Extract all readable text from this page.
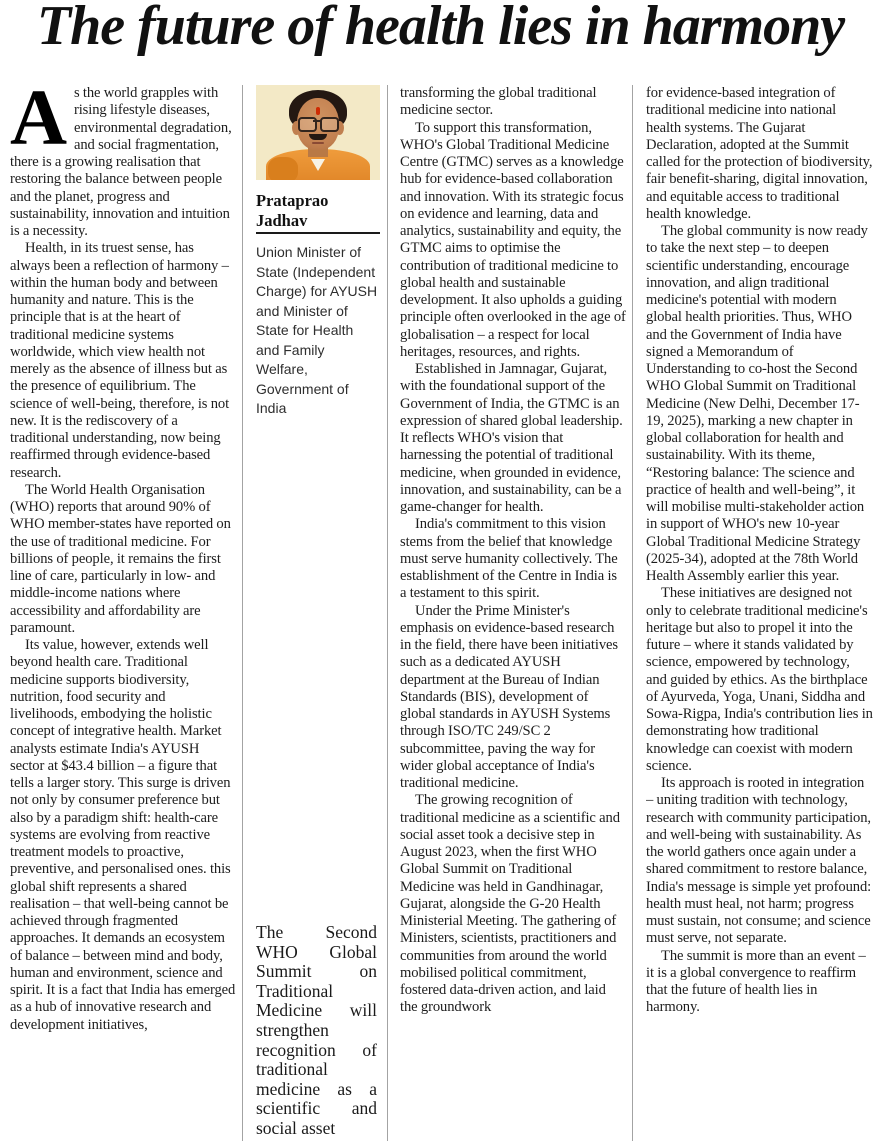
The future of health lies in harmony

As the world grapples with rising lifestyle diseases, environmental degradation, and social fragmentation, there is a growing realisation that restoring the balance between people and the planet, progress and sustainability, innovation and intuition is a necessity.

Health, in its truest sense, has always been a reflection of harmony – within the human body and between humanity and nature. This is the principle that is at the heart of traditional medicine systems worldwide, which view health not merely as the absence of illness but as the presence of equilibrium. The science of well-being, therefore, is not new. It is the rediscovery of a traditional understanding, now being reaffirmed through evidence-based research.

The World Health Organisation (WHO) reports that around 90% of WHO member-states have reported on the use of traditional medicine. For billions of people, it remains the first line of care, particularly in low- and middle-income nations where accessibility and affordability are paramount.

Its value, however, extends well beyond health care. Traditional medicine supports biodiversity, nutrition, food security and livelihoods, embodying the holistic concept of integrative health. Market analysts estimate India's AYUSH sector at $43.4 billion – a figure that tells a larger story. This surge is driven not only by consumer preference but also by a paradigm shift: health-care systems are evolving from reactive treatment models to proactive, preventive, and personalised ones. this global shift represents a shared realisation – that well-being cannot be achieved through fragmented approaches. It demands an ecosystem of balance – between mind and body, human and environment, science and spirit. It is a fact that India has emerged as a hub of innovative research and development initiatives,

Prataprao Jadhav
Union Minister of State (Independent Charge) for AYUSH and Minister of State for Health and Family Welfare, Government of India
The Second WHO Global Summit on Traditional Medicine will strengthen recognition of traditional medicine as a scientific and social asset

transforming the global traditional medicine sector.

To support this transformation, WHO's Global Traditional Medicine Centre (GTMC) serves as a knowledge hub for evidence-based collaboration and innovation. With its strategic focus on evidence and learning, data and analytics, sustainability and equity, the GTMC aims to optimise the contribution of traditional medicine to global health and sustainable development. It also upholds a guiding principle often overlooked in the age of globalisation – a respect for local heritages, resources, and rights.

Established in Jamnagar, Gujarat, with the foundational support of the Government of India, the GTMC is an expression of shared global leadership. It reflects WHO's vision that harnessing the potential of traditional medicine, when grounded in evidence, innovation, and sustainability, can be a game-changer for health.

India's commitment to this vision stems from the belief that knowledge must serve humanity collectively. The establishment of the Centre in India is a testament to this spirit.

Under the Prime Minister's emphasis on evidence-based research in the field, there have been initiatives such as a dedicated AYUSH department at the Bureau of Indian Standards (BIS), development of global standards in AYUSH Systems through ISO/TC 249/SC 2 subcommittee, paving the way for wider global acceptance of India's traditional medicine.

The growing recognition of traditional medicine as a scientific and social asset took a decisive step in August 2023, when the first WHO Global Summit on Traditional Medicine was held in Gandhinagar, Gujarat, alongside the G-20 Health Ministerial Meeting. The gathering of Ministers, scientists, practitioners and communities from around the world mobilised political commitment, fostered data-driven action, and laid the groundwork

for evidence-based integration of traditional medicine into national health systems. The Gujarat Declaration, adopted at the Summit called for the protection of biodiversity, fair benefit-sharing, digital innovation, and equitable access to traditional health knowledge.

The global community is now ready to take the next step – to deepen scientific understanding, encourage innovation, and align traditional medicine's potential with modern global health priorities. Thus, WHO and the Government of India have signed a Memorandum of Understanding to co-host the Second WHO Global Summit on Traditional Medicine (New Delhi, December 17-19, 2025), marking a new chapter in global collaboration for health and sustainability. With its theme, “Restoring balance: The science and practice of health and well-being”, it will mobilise multi-stakeholder action in support of WHO's new 10-year Global Traditional Medicine Strategy (2025-34), adopted at the 78th World Health Assembly earlier this year.

These initiatives are designed not only to celebrate traditional medicine's heritage but also to propel it into the future – where it stands validated by science, empowered by technology, and guided by ethics. As the birthplace of Ayurveda, Yoga, Unani, Siddha and Sowa-Rigpa, India's contribution lies in demonstrating how traditional knowledge can coexist with modern science.

Its approach is rooted in integration – uniting tradition with technology, research with community participation, and well-being with sustainability. As the world gathers once again under a shared commitment to restore balance, India's message is simple yet profound: health must heal, not harm; progress must sustain, not consume; and science must serve, not separate.

The summit is more than an event – it is a global convergence to reaffirm that the future of health lies in harmony.
